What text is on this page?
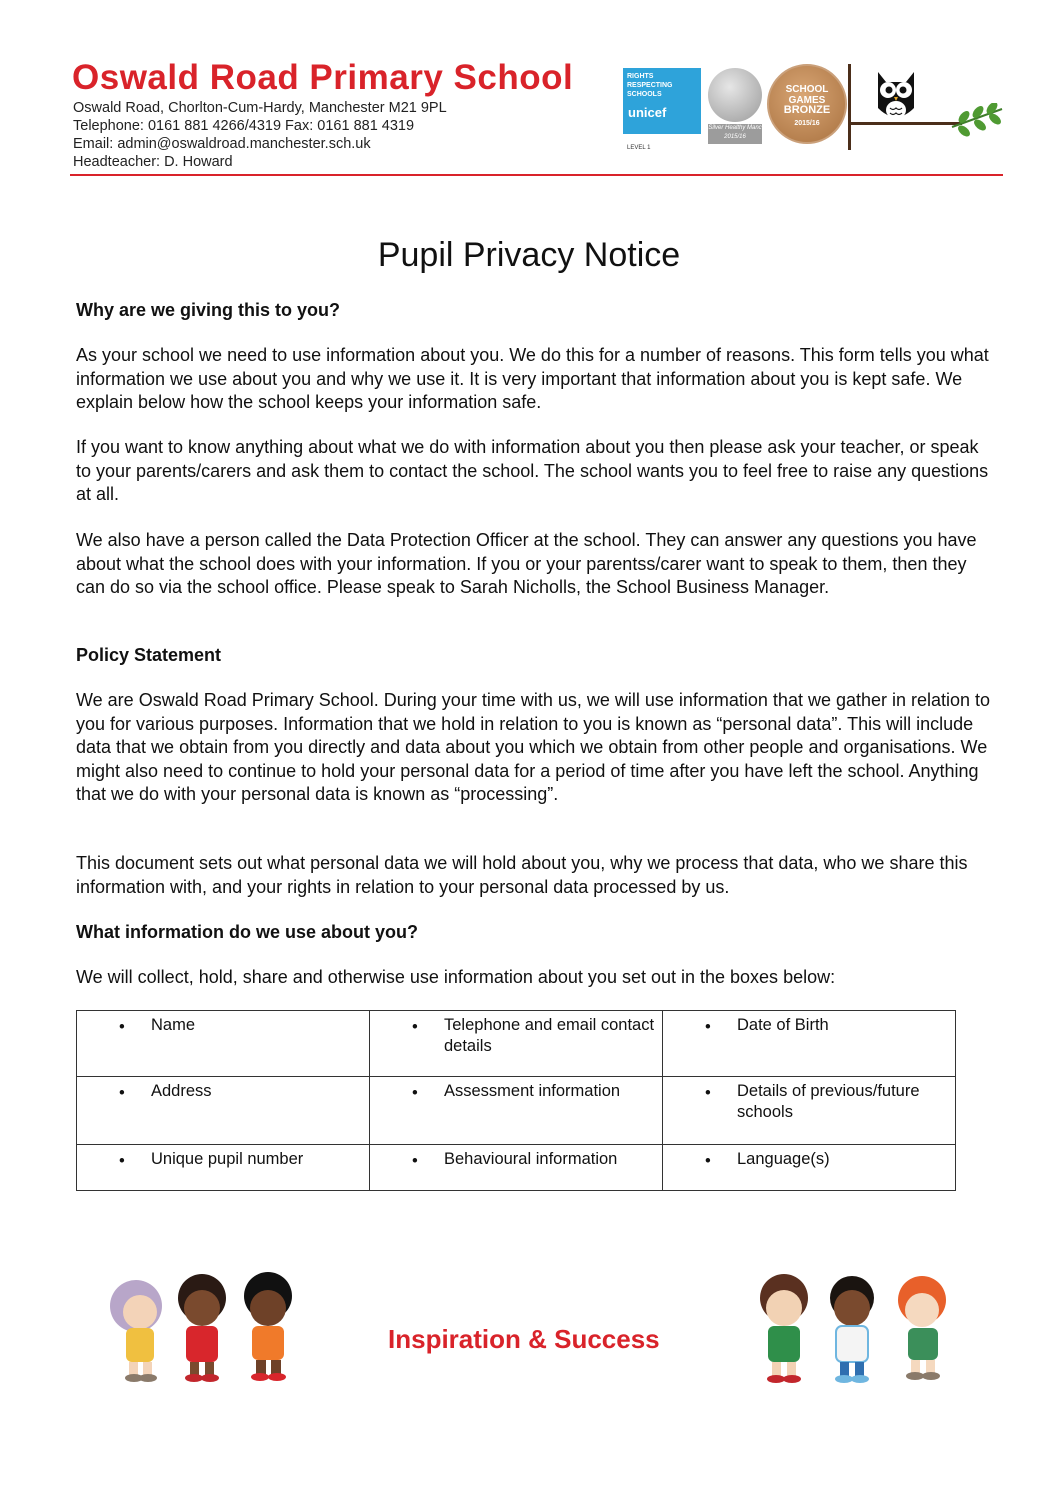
Oswald Road Primary School
Oswald Road, Chorlton-Cum-Hardy, Manchester M21 9PL
Telephone: 0161 881 4266/4319 Fax: 0161 881 4319
Email: admin@oswaldroad.manchester.sch.uk
Headteacher: D. Howard
RIGHTS RESPECTING SCHOOLS
unicef
LEVEL 1
Silver Healthy Manc 2015/16
SCHOOL GAMES
BRONZE
2015/16
Pupil Privacy Notice
Why are we giving this to you?
As your school we need to use information about you. We do this for a number of reasons. This form tells you what information we use about you and why we use it. It is very important that information about you is kept safe. We explain below how the school keeps your information safe.
If you want to know anything about what we do with information about you then please ask your teacher, or speak to your parents/carers and ask them to contact the school. The school wants you to feel free to raise any questions at all.
We also have a person called the Data Protection Officer at the school. They can answer any questions you have about what the school does with your information. If you or your parentss/carer want to speak to them, then they can do so via the school office. Please speak to Sarah Nicholls, the School Business Manager.
Policy Statement
We are Oswald Road Primary School. During your time with us, we will use information that we gather in relation to you for various purposes. Information that we hold in relation to you is known as “personal data”. This will include data that we obtain from you directly and data about you which we obtain from other people and organisations. We might also need to continue to hold your personal data for a period of time after you have left the school. Anything that we do with your personal data is known as “processing”.
This document sets out what personal data we will hold about you, why we process that data, who we share this information with, and your rights in relation to your personal data processed by us.
What information do we use about you?
We will collect, hold, share and otherwise use information about you set out in the boxes below:
• Name	• Telephone and email contact details	• Date of Birth

• Address	• Assessment information	• Details of previous/future schools

• Unique pupil number	• Behavioural information	• Language(s)
Inspiration & Success
